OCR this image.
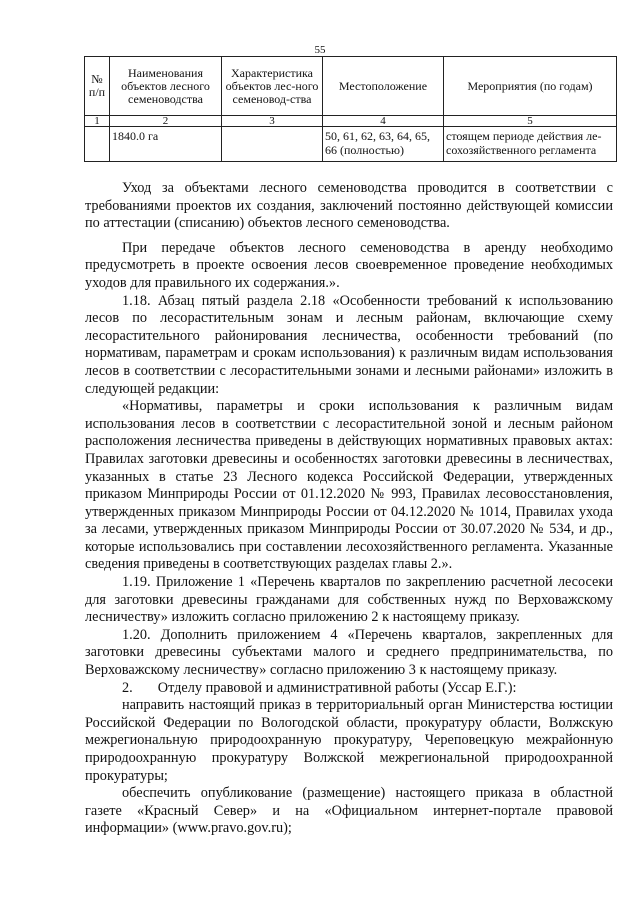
55
№ п/п	Наименования объектов лесного семеноводства	Характеристика объектов лес-ного семеновод-ства	Местоположение	Мероприятия (по годам)
1	2	3	4	5
	1840.0 га		50, 61, 62, 63, 64, 65, 66 (полностью)	стоящем периоде действия ле-сохозяйственного регламента

Уход за объектами лесного семеноводства проводится в соответствии с требованиями проектов их создания, заключений постоянно действующей комиссии по аттестации (списанию) объектов лесного семеноводства.

При передаче объектов лесного семеноводства в аренду необходимо предусмотреть в проекте освоения лесов своевременное проведение необходимых уходов для правильного их содержания.».

1.18. Абзац пятый раздела 2.18 «Особенности требований к использованию лесов по лесорастительным зонам и лесным районам, включающие схему лесорастительного районирования лесничества, особенности требований (по нормативам, параметрам и срокам использования) к различным видам использования лесов в соответствии с лесорастительными зонами и лесными районами» изложить в следующей редакции:

«Нормативы, параметры и сроки использования к различным видам использования лесов в соответствии с лесорастительной зоной и лесным районом расположения лесничества приведены в действующих нормативных правовых актах: Правилах заготовки древесины и особенностях заготовки древесины в лесничествах, указанных в статье 23 Лесного кодекса Российской Федерации, утвержденных приказом Минприроды России от 01.12.2020 № 993, Правилах лесовосстановления, утвержденных приказом Минприроды России от 04.12.2020 № 1014, Правилах ухода за лесами, утвержденных приказом Минприроды России от 30.07.2020 № 534, и др., которые использовались при составлении лесохозяйственного регламента. Указанные сведения приведены в соответствующих разделах главы 2.».

1.19. Приложение 1 «Перечень кварталов по закреплению расчетной лесосеки для заготовки древесины гражданами для собственных нужд по Верховажскому лесничеству» изложить согласно приложению 2 к настоящему приказу.

1.20. Дополнить приложением 4 «Перечень кварталов, закрепленных для заготовки древесины субъектами малого и среднего предпринимательства, по Верховажскому лесничеству» согласно приложению 3 к настоящему приказу.

2.       Отделу правовой и административной работы (Уссар Е.Г.):

направить настоящий приказ в территориальный орган Министерства юстиции Российской Федерации по Вологодской области, прокуратуру области, Волжскую межрегиональную природоохранную прокуратуру, Череповецкую межрайонную природоохранную прокуратуру Волжской межрегиональной природоохранной прокуратуры;

обеспечить опубликование (размещение) настоящего приказа в областной газете «Красный Север» и на «Официальном интернет-портале правовой информации» (www.pravo.gov.ru);
